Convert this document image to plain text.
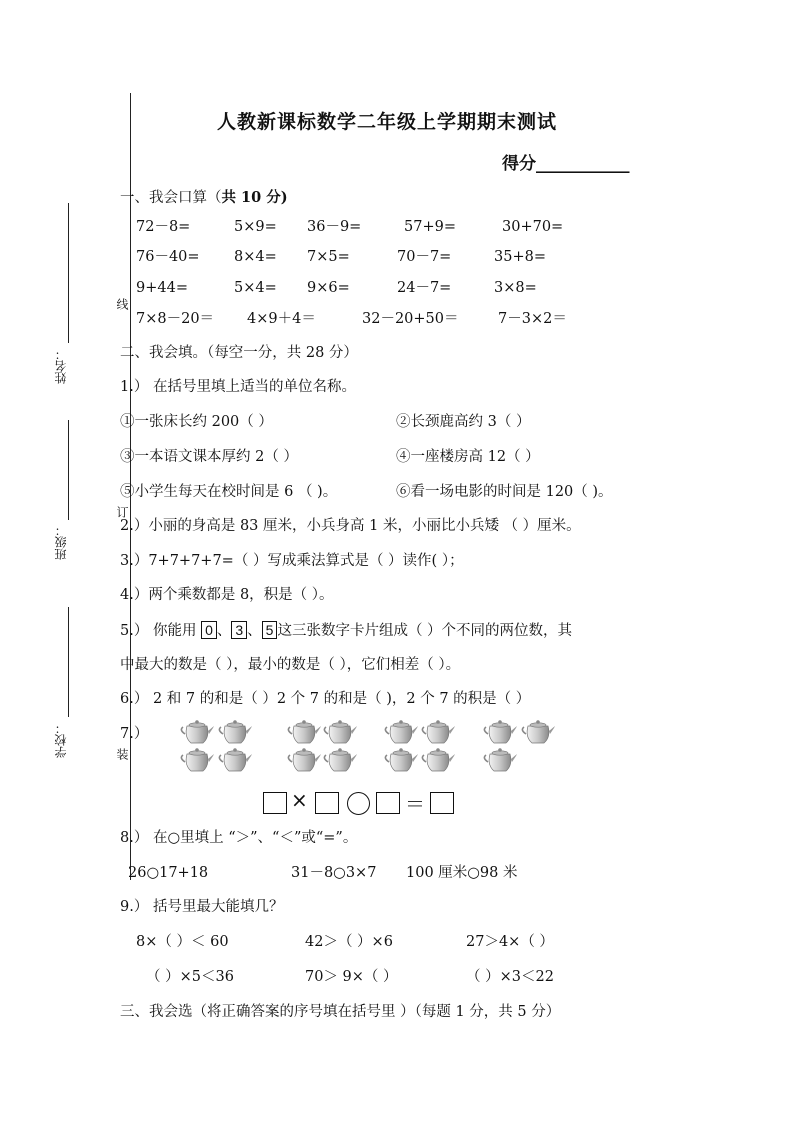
线
订
装
姓名：
班级：
学校：
人教新课标数学二年级上学期期末测试
得分___________
一、我会口算（共 10 分)
72－8=	5×9= 36－9=	57+9=	30+70=
76－40= 8×4= 7×5=	70－7=	35+8=
9+44=	5×4= 9×6=	24－7=	3×8=
7×8－20＝ 4×9＋4＝	32－20+50＝	7－3×2＝
二、我会填。（每空一分，共 28 分）
1.） 在括号里填上适当的单位名称。
①一张床长约 200（ ）	②长颈鹿高约 3（ ）
③一本语文课本厚约 2（ ）	④一座楼房高 12（ ）
⑤小学生每天在校时间是 6 （ )。	⑥看一场电影的时间是 120（ )。
2.）小丽的身高是 83 厘米，小兵身高 1 米，小丽比小兵矮 （ ）厘米。
3.）7+7+7+7=（ ）写成乘法算式是（ ）读作( ）；
4.）两个乘数都是 8，积是（ ）。
5.） 你能用 0 、 3 、 5 这三张数字卡片组成（ ）个不同的两位数，其
中最大的数是（ ），最小的数是（ ），它们相差（ ）。
6.） 2 和 7 的和是（ ）2 个 7 的和是（ )，2 个 7 的积是（ ）
7.）
×	＝
8.） 在○里填上 “＞”、“＜”或“=”。
26○17+18	31－8○3×7 100 厘米○98 米
9.） 括号里最大能填几？
8×（ ）＜ 60	42＞（ ）×6	27＞4×（ ）
（ ）×5＜36	70＞ 9×（ ）	（ ）×3＜22
三、我会选（将正确答案的序号填在括号里 ）（每题 1 分，共 5 分）
